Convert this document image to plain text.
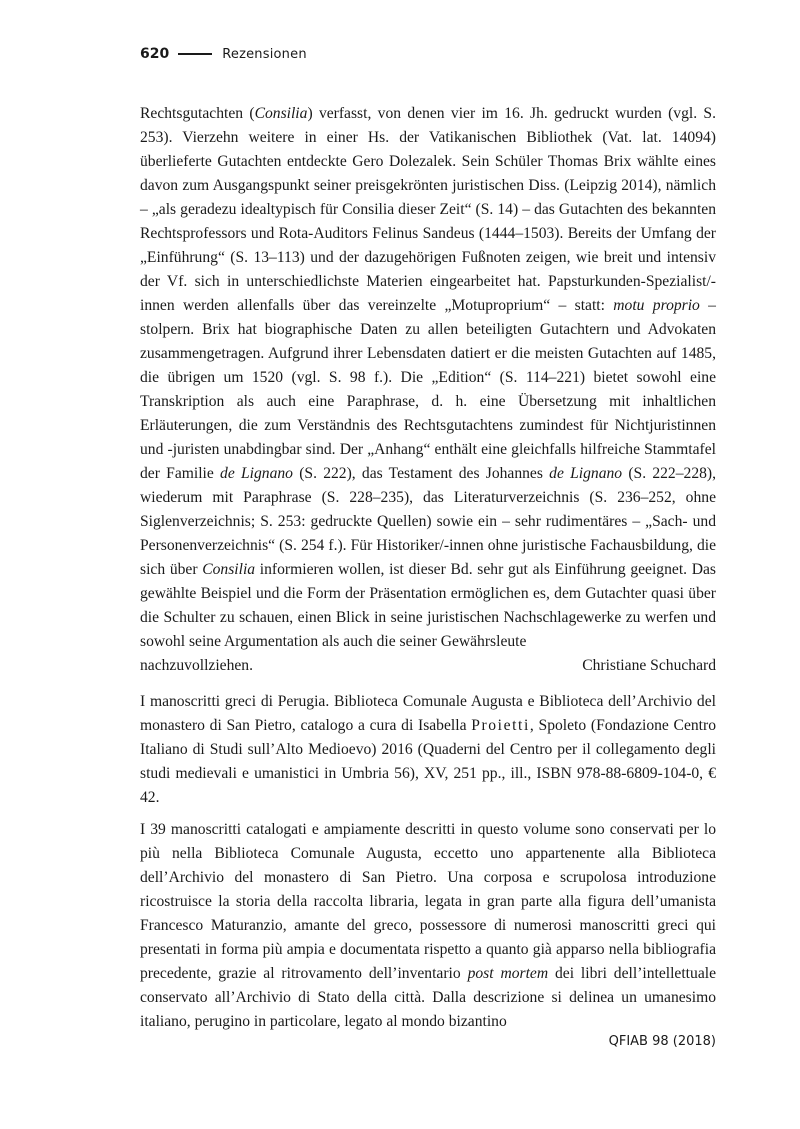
620	Rezensionen

Rechtsgutachten (Consilia) verfasst, von denen vier im 16. Jh. gedruckt wurden (vgl. S. 253). Vierzehn weitere in einer Hs. der Vatikanischen Bibliothek (Vat. lat. 14094) überlieferte Gutachten entdeckte Gero Dolezalek. Sein Schüler Thomas Brix wählte eines davon zum Ausgangspunkt seiner preisgekrönten juristischen Diss. (Leipzig 2014), nämlich – „als geradezu idealtypisch für Consilia dieser Zeit“ (S. 14) – das Gutachten des bekannten Rechtsprofessors und Rota-Auditors Felinus Sandeus (1444–1503). Bereits der Umfang der „Einführung“ (S. 13–113) und der dazugehörigen Fußnoten zeigen, wie breit und intensiv der Vf. sich in unterschiedlichste Materien eingearbeitet hat. Papsturkunden-Spezialist/-innen werden allenfalls über das vereinzelte „Motuproprium“ – statt: motu proprio – stolpern. Brix hat biographische Daten zu allen beteiligten Gutachtern und Advokaten zusammengetragen. Aufgrund ihrer Lebensdaten datiert er die meisten Gutachten auf 1485, die übrigen um 1520 (vgl. S. 98 f.). Die „Edition“ (S. 114–221) bietet sowohl eine Transkription als auch eine Paraphrase, d. h. eine Übersetzung mit inhaltlichen Erläuterungen, die zum Verständnis des Rechtsgutachtens zumindest für Nichtjuristinnen und -juristen unabdingbar sind. Der „Anhang“ enthält eine gleichfalls hilfreiche Stammtafel der Familie de Lignano (S. 222), das Testament des Johannes de Lignano (S. 222–228), wiederum mit Paraphrase (S. 228–235), das Literaturverzeichnis (S. 236–252, ohne Siglenverzeichnis; S. 253: gedruckte Quellen) sowie ein – sehr rudimentäres – „Sach- und Personenverzeichnis“ (S. 254 f.). Für Historiker/-innen ohne juristische Fachausbildung, die sich über Consilia informieren wollen, ist dieser Bd. sehr gut als Einführung geeignet. Das gewählte Beispiel und die Form der Präsentation ermöglichen es, dem Gutachter quasi über die Schulter zu schauen, einen Blick in seine juristischen Nachschlagewerke zu werfen und sowohl seine Argumentation als auch die seiner Gewährsleute

nachzuvollziehen.	Christiane Schuchard

I manoscritti greci di Perugia. Biblioteca Comunale Augusta e Biblioteca dell’Archivio del monastero di San Pietro, catalogo a cura di Isabella Proietti, Spoleto (Fondazione Centro Italiano di Studi sull’Alto Medioevo) 2016 (Quaderni del Centro per il collegamento degli studi medievali e umanistici in Umbria 56), XV, 251 pp., ill., ISBN 978-88-6809-104-0, € 42.

I 39 manoscritti catalogati e ampiamente descritti in questo volume sono conservati per lo più nella Biblioteca Comunale Augusta, eccetto uno appartenente alla Biblioteca dell’Archivio del monastero di San Pietro. Una corposa e scrupolosa introduzione ricostruisce la storia della raccolta libraria, legata in gran parte alla figura dell’umanista Francesco Maturanzio, amante del greco, possessore di numerosi manoscritti greci qui presentati in forma più ampia e documentata rispetto a quanto già apparso nella bibliografia precedente, grazie al ritrovamento dell’inventario post mortem dei libri dell’intellettuale conservato all’Archivio di Stato della città. Dalla descrizione si delinea un umanesimo italiano, perugino in particolare, legato al mondo bizantino

QFIAB 98 (2018)
